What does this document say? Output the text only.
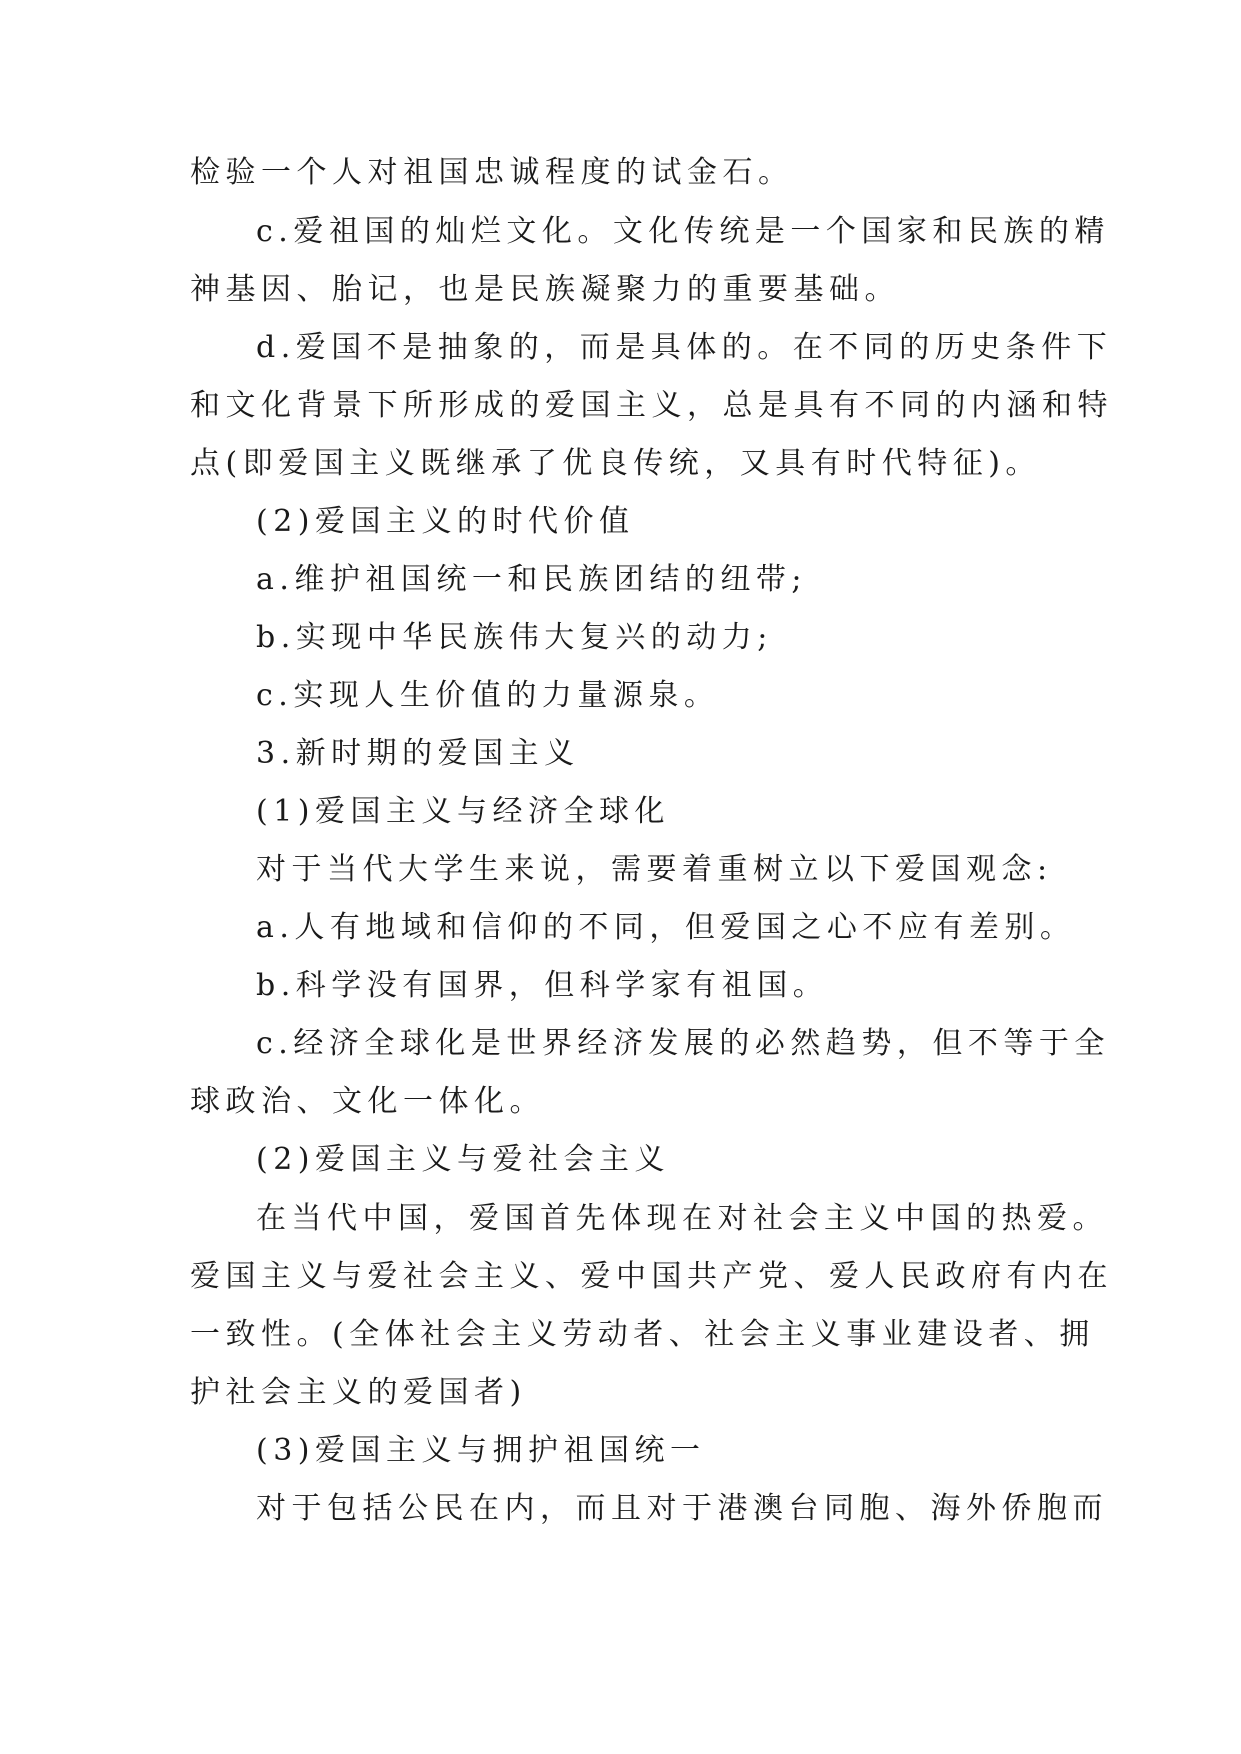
检验一个人对祖国忠诚程度的试金石。

c.爱祖国的灿烂文化。文化传统是一个国家和民族的精

神基因、胎记，也是民族凝聚力的重要基础。

d.爱国不是抽象的，而是具体的。在不同的历史条件下

和文化背景下所形成的爱国主义，总是具有不同的内涵和特

点(即爱国主义既继承了优良传统，又具有时代特征)。

(2)爱国主义的时代价值

a.维护祖国统一和民族团结的纽带;

b.实现中华民族伟大复兴的动力;

c.实现人生价值的力量源泉。

3.新时期的爱国主义

(1)爱国主义与经济全球化

对于当代大学生来说，需要着重树立以下爱国观念:

a.人有地域和信仰的不同，但爱国之心不应有差别。

b.科学没有国界，但科学家有祖国。

c.经济全球化是世界经济发展的必然趋势，但不等于全

球政治、文化一体化。

(2)爱国主义与爱社会主义

在当代中国，爱国首先体现在对社会主义中国的热爱。

爱国主义与爱社会主义、爱中国共产党、爱人民政府有内在

一致性。(全体社会主义劳动者、社会主义事业建设者、拥

护社会主义的爱国者)

(3)爱国主义与拥护祖国统一

对于包括公民在内，而且对于港澳台同胞、海外侨胞而
